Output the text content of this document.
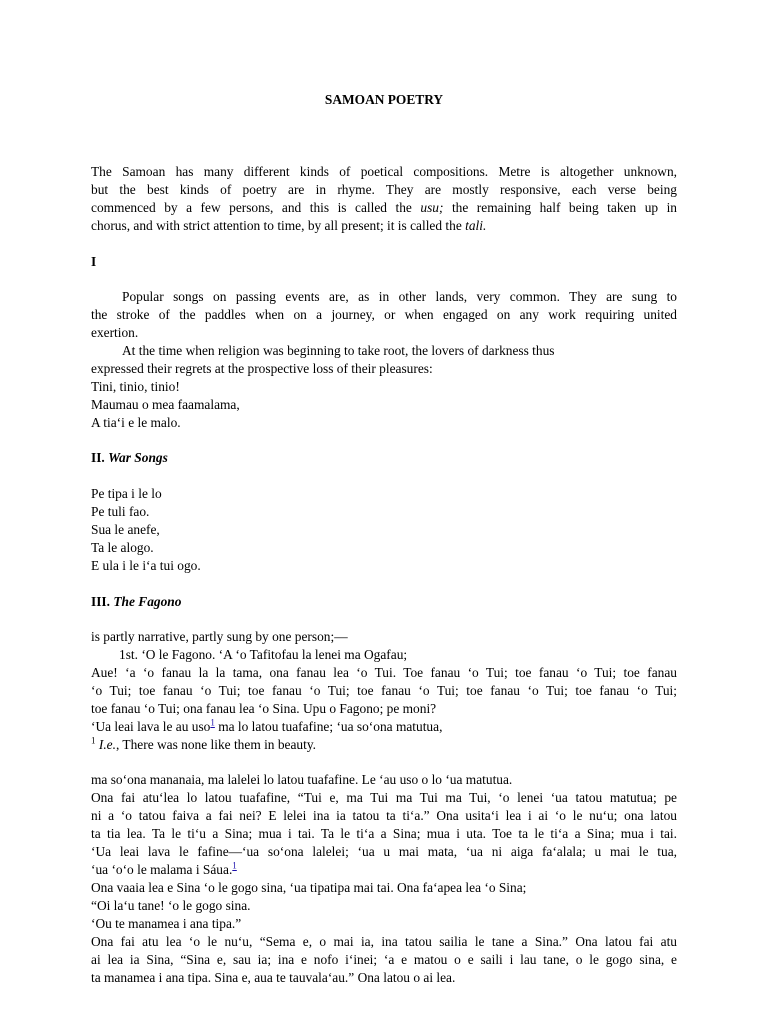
SAMOAN POETRY
The Samoan has many different kinds of poetical compositions. Metre is altogether unknown,
but the best kinds of poetry are in rhyme. They are mostly responsive, each verse being
commenced by a few persons, and this is called the usu; the remaining half being taken up in
chorus, and with strict attention to time, by all present; it is called the tali.
I
Popular songs on passing events are, as in other lands, very common. They are sung to
the stroke of the paddles when on a journey, or when engaged on any work requiring united
exertion.
At the time when religion was beginning to take root, the lovers of darkness thus
expressed their regrets at the prospective loss of their pleasures:
Tini, tinio, tinio!
Maumau o mea faamalama,
A tia‘i e le malo.
II. War Songs
Pe tipa i le lo
Pe tuli fao.
Sua le anefe,
Ta le alogo.
E ula i le i‘a tui ogo.
III. The Fagono
is partly narrative, partly sung by one person;—
1st. ‘O le Fagono. ‘A ‘o Tafitofau la lenei ma Ogafau;
Aue! ‘a ‘o fanau la la tama, ona fanau lea ‘o Tui. Toe fanau ‘o Tui; toe fanau ‘o Tui; toe fanau
‘o Tui; toe fanau ‘o Tui; toe fanau ‘o Tui; toe fanau ‘o Tui; toe fanau ‘o Tui; toe fanau ‘o Tui;
toe fanau ‘o Tui; ona fanau lea ‘o Sina. Upu o Fagono; pe moni?
‘Ua leai lava le au uso$^1$ ma lo latou tuafafine; ‘ua so‘ona matutua,
$^1$ I.e., There was none like them in beauty.
ma so‘ona mananaia, ma lalelei lo latou tuafafine. Le ‘au uso o lo ‘ua matutua.
Ona fai atu‘lea lo latou tuafafine, “Tui e, ma Tui ma Tui ma Tui, ‘o lenei ‘ua tatou matutua; pe
ni a ‘o tatou faiva a fai nei? E lelei ina ia tatou ta ti‘a.” Ona usita‘i lea i ai ‘o le nu‘u; ona latou
ta tia lea. Ta le ti‘u a Sina; mua i tai. Ta le ti‘a a Sina; mua i uta. Toe ta le ti‘a a Sina; mua i tai.
‘Ua leai lava le fafine—‘ua so‘ona lalelei; ‘ua u mai mata, ‘ua ni aiga fa‘alala; u mai le tua,
‘ua ‘o‘o le malama i Sáua.$^1$
Ona vaaia lea e Sina ‘o le gogo sina, ‘ua tipatipa mai tai. Ona fa‘apea lea ‘o Sina;
“Oi la‘u tane! ‘o le gogo sina.
‘Ou te manamea i ana tipa.”
Ona fai atu lea ‘o le nu‘u, “Sema e, o mai ia, ina tatou sailia le tane a Sina.” Ona latou fai atu
ai lea ia Sina, “Sina e, sau ia; ina e nofo i‘inei; ‘a e matou o e saili i lau tane, o le gogo sina, e
ta manamea i ana tipa. Sina e, aua te tauvala‘au.” Ona latou o ai lea.
